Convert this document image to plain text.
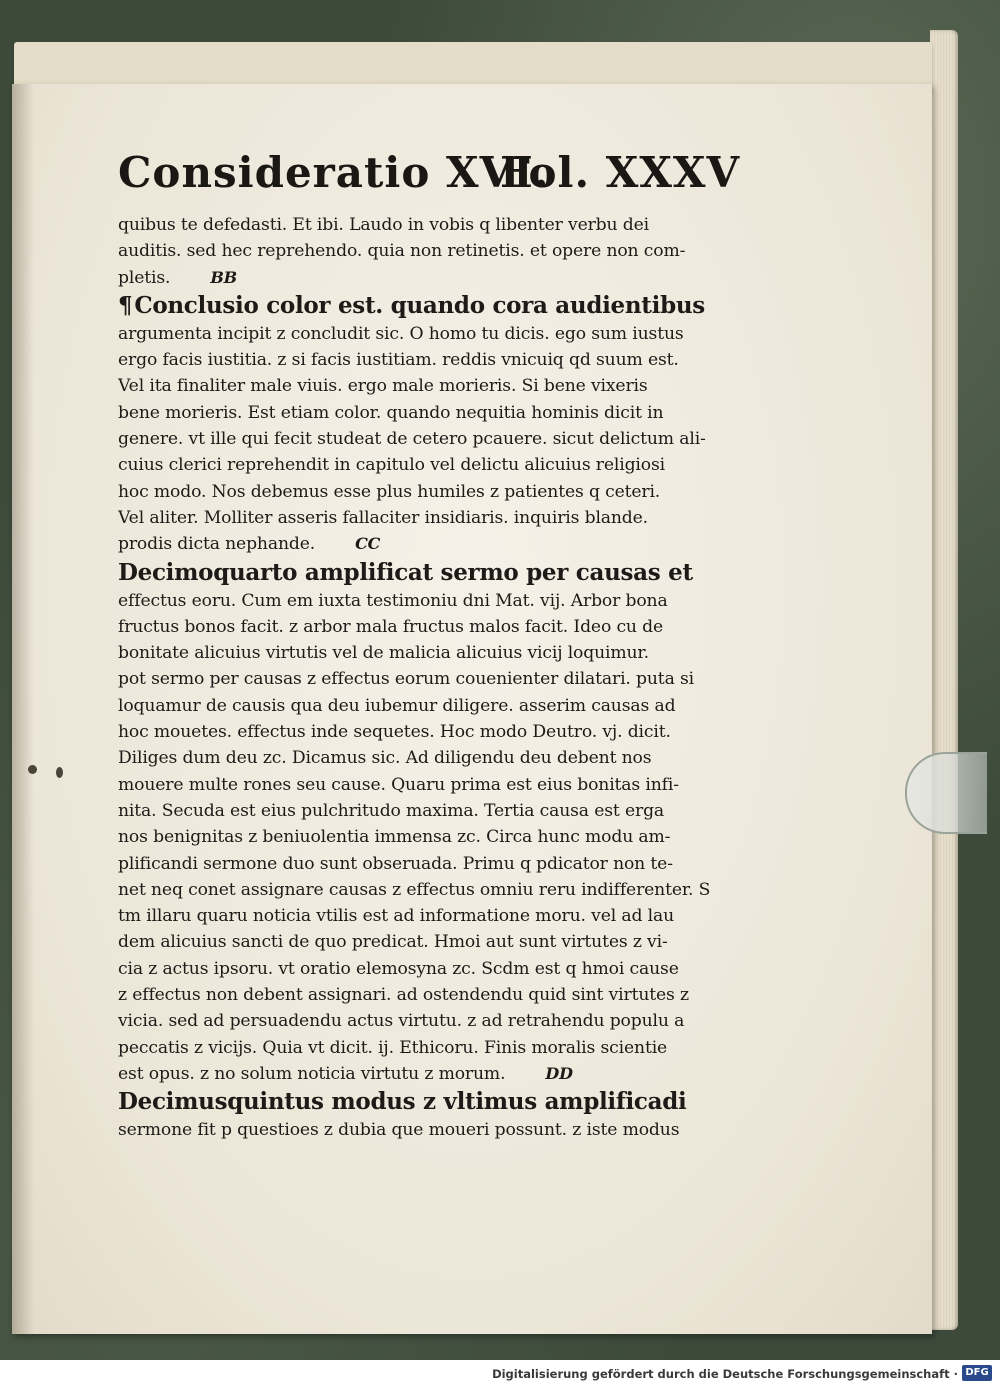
Consideratio XVI.
Fol. XXXV
quibus te defedasti. Et ibi. Laudo in vobis q libenter verbu dei
auditis. sed hec reprehendo. quia non retinetis. et opere non com-
pletis.	BB
¶Conclusio color est. quando cora audientibus
argumenta incipit z concludit sic. O homo tu dicis. ego sum iustus
ergo facis iustitia. z si facis iustitiam. reddis vnicuiq qd suum est.
Vel ita finaliter male viuis. ergo male morieris. Si bene vixeris
bene morieris. Est etiam color. quando nequitia hominis dicit in
genere. vt ille qui fecit studeat de cetero pcauere. sicut delictum ali-
cuius clerici reprehendit in capitulo vel delictu alicuius religiosi
hoc modo. Nos debemus esse plus humiles z patientes q ceteri.
Vel aliter. Molliter asseris fallaciter insidiaris. inquiris blande.
prodis dicta nephande.	CC
Decimoquarto amplificat sermo per causas et
effectus eoru. Cum em iuxta testimoniu dni Mat. vij. Arbor bona
fructus bonos facit. z arbor mala fructus malos facit. Ideo cu de
bonitate alicuius virtutis vel de malicia alicuius vicij loquimur.
pot sermo per causas z effectus eorum couenienter dilatari. puta si
loquamur de causis qua deu iubemur diligere. asserim causas ad
hoc mouetes. effectus inde sequetes. Hoc modo Deutro. vj. dicit.
Diliges dum deu zc. Dicamus sic. Ad diligendu deu debent nos
mouere multe rones seu cause. Quaru prima est eius bonitas infi-
nita. Secuda est eius pulchritudo maxima. Tertia causa est erga
nos benignitas z beniuolentia immensa zc. Circa hunc modu am-
plificandi sermone duo sunt obseruada. Primu q pdicator non te-
net neq conet assignare causas z effectus omniu reru indifferenter. S
tm illaru quaru noticia vtilis est ad informatione moru. vel ad lau
dem alicuius sancti de quo predicat. Hmoi aut sunt virtutes z vi-
cia z actus ipsoru. vt oratio elemosyna zc. Scdm est q hmoi cause
z effectus non debent assignari. ad ostendendu quid sint virtutes z
vicia. sed ad persuadendu actus virtutu. z ad retrahendu populu a
peccatis z vicijs. Quia vt dicit. ij. Ethicoru. Finis moralis scientie
est opus. z no solum noticia virtutu z morum.	DD
Decimusquintus modus z vltimus amplificadi
sermone fit p questioes z dubia que moueri possunt. z iste modus
Digitalisierung gefördert durch die Deutsche Forschungsgemeinschaft · DFG
